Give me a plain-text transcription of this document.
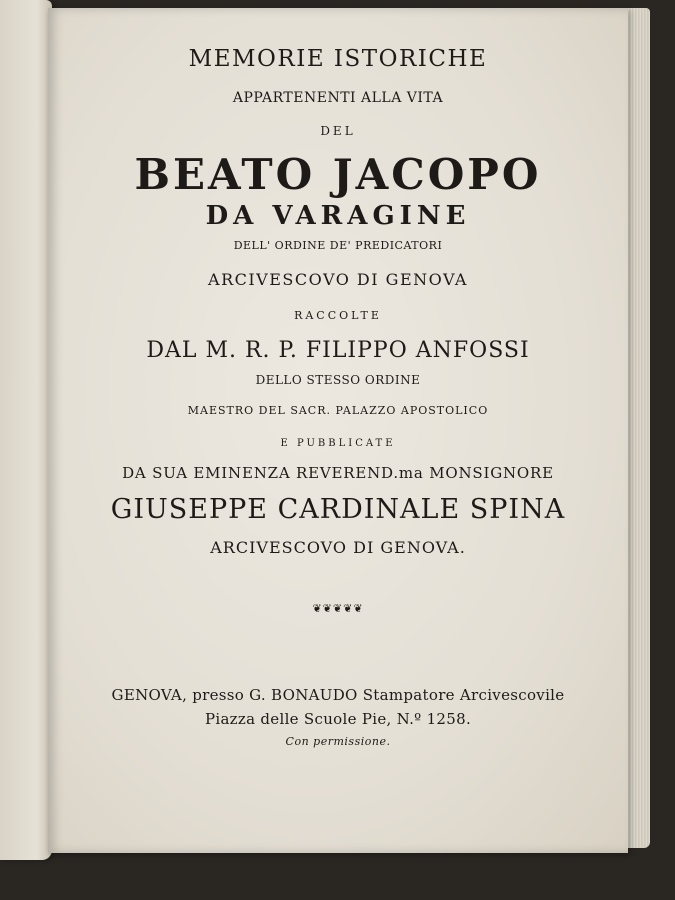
MEMORIE ISTORICHE
APPARTENENTI ALLA VITA
DEL
BEATO JACOPO
DA VARAGINE
DELL' ORDINE DE' PREDICATORI
ARCIVESCOVO DI GENOVA
RACCOLTE
DAL M. R. P. FILIPPO ANFOSSI
DELLO STESSO ORDINE
MAESTRO DEL SACR. PALAZZO APOSTOLICO
E PUBBLICATE
DA SUA EMINENZA REVEREND.ma MONSIGNORE
GIUSEPPE CARDINALE SPINA
ARCIVESCOVO DI GENOVA.
❦❦❦❦❦
GENOVA, presso G. BONAUDO Stampatore Arcivescovile
Piazza delle Scuole Pie, N.º 1258.
Con permissione.
